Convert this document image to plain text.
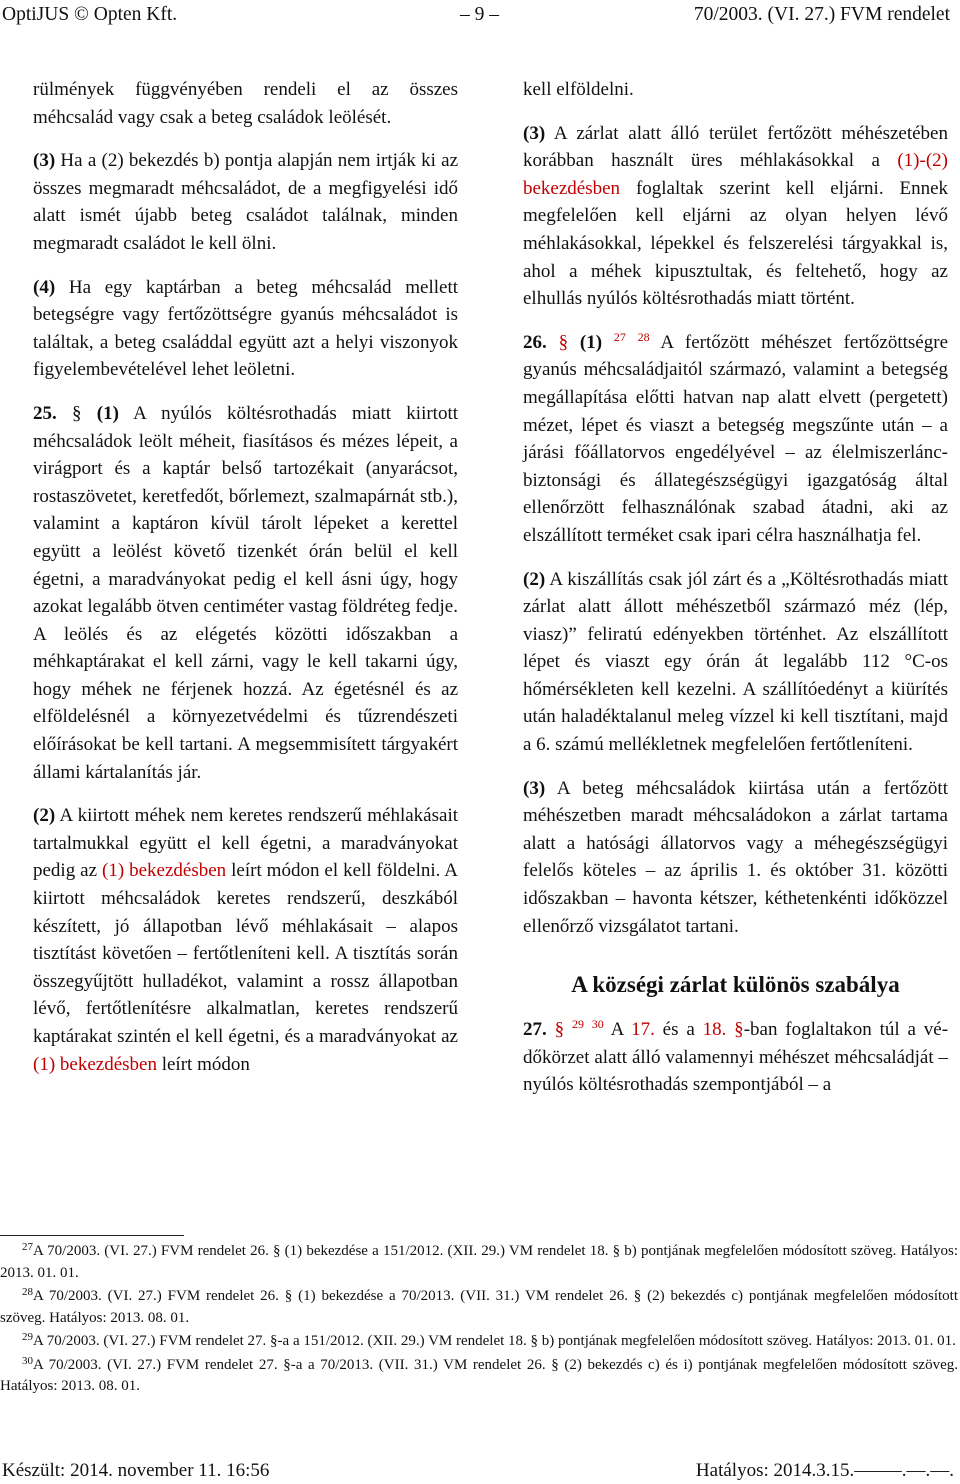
OptiJUS © Opten Kft.	– 9 –	70/2003. (VI. 27.) FVM rendelet

rülmények függvényében rendeli el az összes méhcsalád vagy csak a beteg családok leölését.

(3) Ha a (2) bekezdés b) pontja alapján nem irtják ki az összes megmaradt méhcsaládot, de a megfigyelési idő alatt ismét újabb beteg családot találnak, minden megmaradt családot le kell ölni.

(4) Ha egy kaptárban a beteg méhcsalád mellett betegségre vagy fertőzöttségre gyanús méhcsaládot is találtak, a beteg családdal együtt azt a helyi viszonyok figyelembevételével lehet leöletni.

25. § (1) A nyúlós költésrothadás miatt kiirtott méhcsaládok leölt méheit, fiasításos és mézes lépeit, a virágport és a kaptár belső tartozékait (anyarácsot, rostaszövetet, keretfedőt, bőrlemezt, szalmapárnát stb.), valamint a kaptáron kívül tárolt lépeket a kerettel együtt a leölést követő tizenkét órán belül el kell égetni, a maradványokat pedig el kell ásni úgy, hogy azokat legalább ötven centiméter vastag földréteg fedje. A leölés és az elégetés közötti időszakban a méhkaptárakat el kell zárni, vagy le kell takarni úgy, hogy méhek ne férjenek hozzá. Az égetésnél és az elföldelésnél a környezetvédelmi és tűzrendészeti előírásokat be kell tartani. A megsemmisített tárgyakért állami kártalanítás jár.

(2) A kiirtott méhek nem keretes rendszerű méhlakásait tartalmukkal együtt el kell égetni, a maradványokat pedig az (1) bekezdésben leírt módon el kell földelni. A kiirtott méhcsaládok keretes rendszerű, deszkából készített, jó állapotban lévő méhlakásait – alapos tisztítást követően – fertőtleníteni kell. A tisztítás során összegyűjtött hulladékot, valamint a rossz állapotban lévő, fertőtlenítésre alkalmatlan, keretes rendszerű kaptárakat szintén el kell égetni, és a maradványokat az (1) bekezdésben leírt módon

kell elföldelni.

(3) A zárlat alatt álló terület fertőzött méhészetében korábban használt üres méhlakásokkal a (1)-(2) bekezdésben foglaltak szerint kell eljárni. Ennek megfelelően kell eljárni az olyan helyen lévő méhlakásokkal, lépekkel és felszerelési tárgyakkal is, ahol a méhek kipusztultak, és feltehető, hogy az elhullás nyúlós költésrothadás miatt történt.

26. § (1) $^{27}$ $^{28}$ A fertőzött méhészet fertőzöttségre gyanús méhcsaládjaitól származó, valamint a betegség megállapítása előtti hatvan nap alatt elvett (pergetett) mézet, lépet és viaszt a betegség megszűnte után – a járási főállatorvos engedélyével – az élelmiszerlánc-biztonsági és állategészségügyi igazgatóság által ellenőrzött felhasználónak szabad átadni, aki az elszállított terméket csak ipari célra használhatja fel.

(2) A kiszállítás csak jól zárt és a „Költésrothadás miatt zárlat alatt állott méhészetből származó méz (lép, viasz)” feliratú edényekben történhet. Az elszállított lépet és viaszt egy órán át legalább 112 °C-os hőmérsékleten kell kezelni. A szállítóedényt a kiürítés után haladéktalanul meleg vízzel ki kell tisztítani, majd a 6. számú mellékletnek megfelelően fertőtleníteni.

(3) A beteg méhcsaládok kiirtása után a fertőzött méhészetben maradt méhcsaládokon a zárlat tartama alatt a hatósági állatorvos vagy a méhegészségügyi felelős köteles – az április 1. és október 31. közötti időszakban – havonta kétszer, kéthetenkénti időközzel ellenőrző vizsgálatot tartani.

A községi zárlat különös szabálya

27. § $^{29}$ $^{30}$ A 17. és a 18. §-ban foglaltakon túl a védőkörzet alatt álló valamennyi méhészet méhcsaládját – nyúlós költésrothadás szempontjából – a

$^{27}$A 70/2003. (VI. 27.) FVM rendelet 26. § (1) bekezdése a 151/2012. (XII. 29.) VM rendelet 18. § b) pontjának megfelelően módosított szöveg. Hatályos: 2013. 01. 01.

$^{28}$A 70/2003. (VI. 27.) FVM rendelet 26. § (1) bekezdése a 70/2013. (VII. 31.) VM rendelet 26. § (2) bekezdés c) pontjának megfelelően módosított szöveg. Hatályos: 2013. 08. 01.

$^{29}$A 70/2003. (VI. 27.) FVM rendelet 27. §-a a 151/2012. (XII. 29.) VM rendelet 18. § b) pontjának megfelelően módosított szöveg. Hatályos: 2013. 01. 01.

$^{30}$A 70/2003. (VI. 27.) FVM rendelet 27. §-a a 70/2013. (VII. 31.) VM rendelet 26. § (2) bekezdés c) és i) pontjának megfelelően módosított szöveg. Hatályos: 2013. 08. 01.

Készült: 2014. november 11. 16:56	Hatályos: 2014.3.15.–––––.––.––.
